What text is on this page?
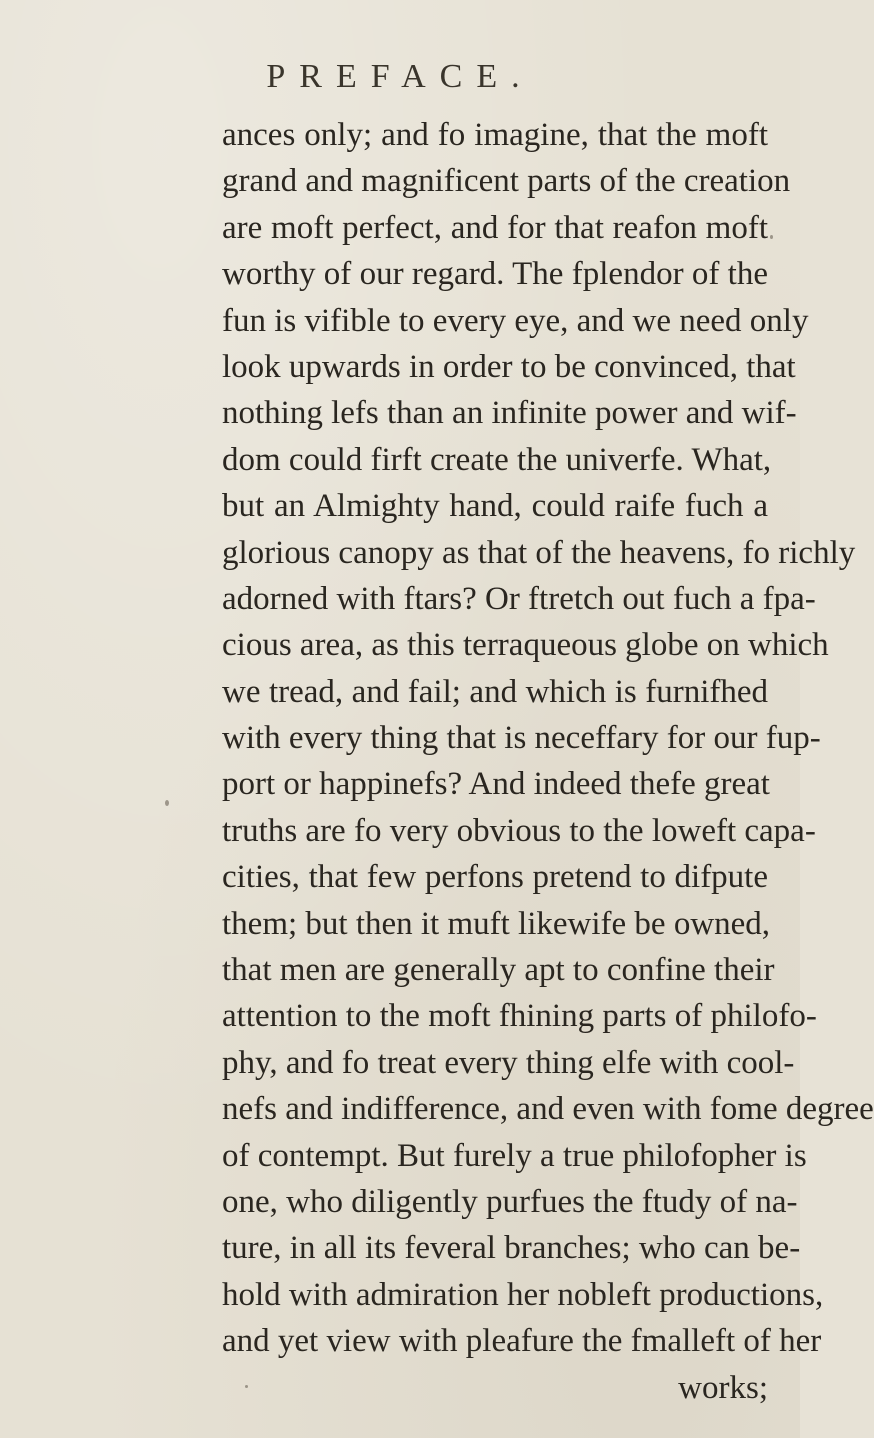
PREFACE.
ances only; and fo imagine, that the moft
grand and magnificent parts of the creation
are moft perfect, and for that reafon moft
worthy of our regard. The fplendor of the
fun is vifible to every eye, and we need only
look upwards in order to be convinced, that
nothing lefs than an infinite power and wif-
dom could firft create the univerfe. What,
but an Almighty hand, could raife fuch a
glorious canopy as that of the heavens, fo richly
adorned with ftars? Or ftretch out fuch a fpa-
cious area, as this terraqueous globe on which
we tread, and fail; and which is furnifhed
with every thing that is neceffary for our fup-
port or happinefs? And indeed thefe great
truths are fo very obvious to the loweft capa-
cities, that few perfons pretend to difpute
them; but then it muft likewife be owned,
that men are generally apt to confine their
attention to the moft fhining parts of philofo-
phy, and fo treat every thing elfe with cool-
nefs and indifference, and even with fome degree
of contempt. But furely a true philofopher is
one, who diligently purfues the ftudy of na-
ture, in all its feveral branches; who can be-
hold with admiration her nobleft productions,
and yet view with pleafure the fmalleft of her
works;
